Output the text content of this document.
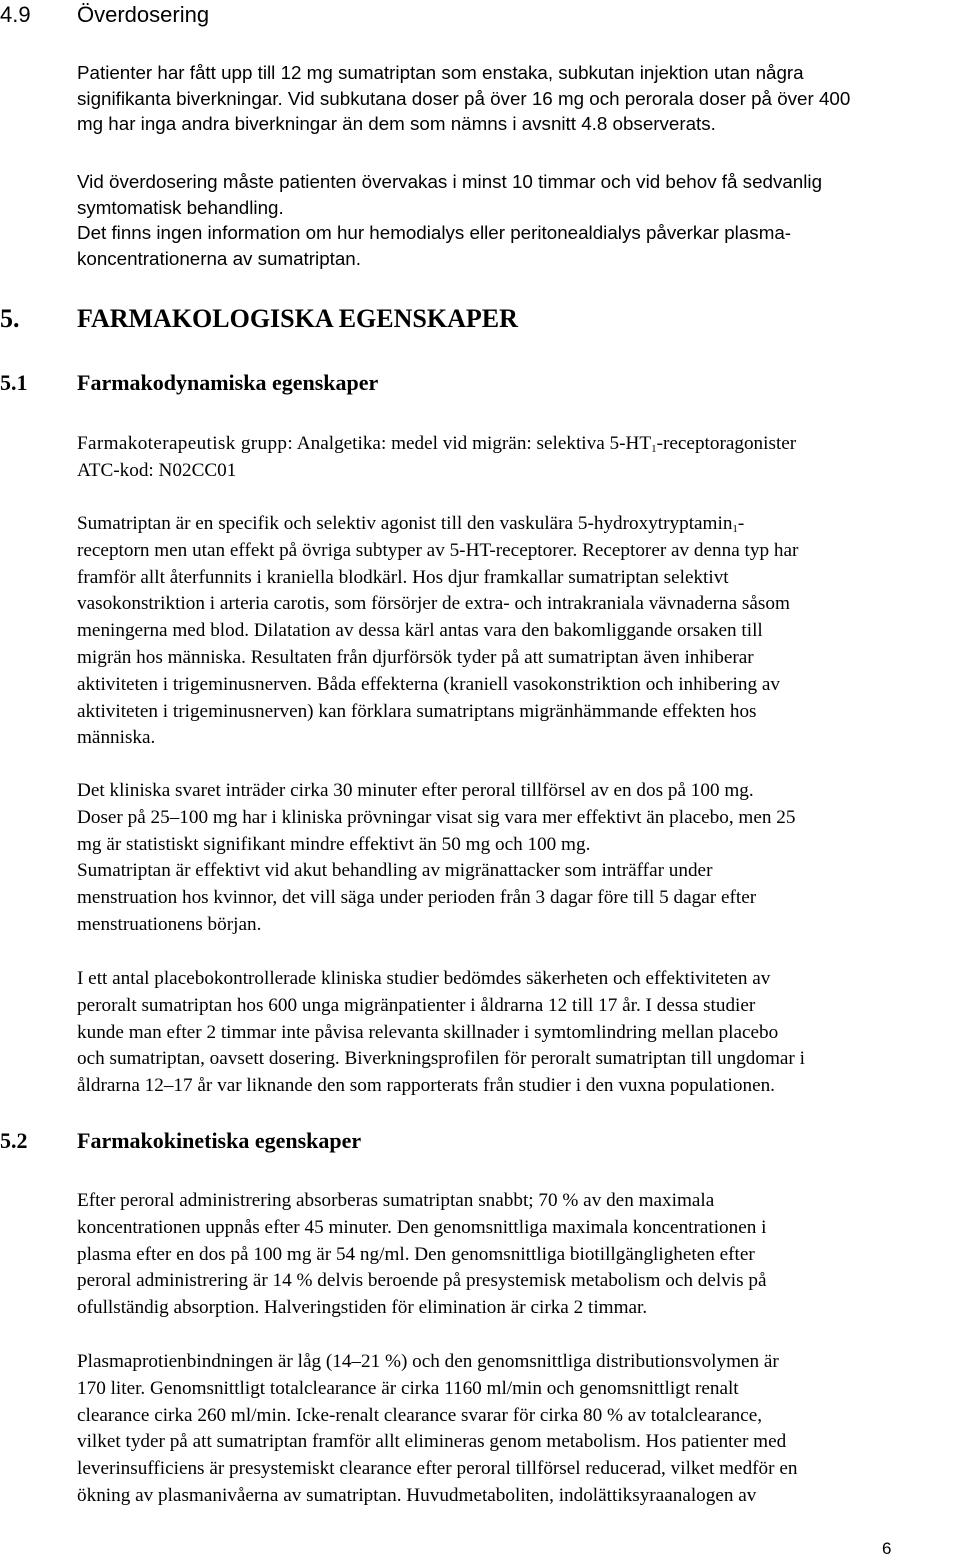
4.9 Överdosering
Patienter har fått upp till 12 mg sumatriptan som enstaka, subkutan injektion utan några
signifikanta biverkningar. Vid subkutana doser på över 16 mg och perorala doser på över 400
mg har inga andra biverkningar än dem som nämns i avsnitt 4.8 observerats.
Vid överdosering måste patienten övervakas i minst 10 timmar och vid behov få sedvanlig
symtomatisk behandling.
Det finns ingen information om hur hemodialys eller peritonealdialys påverkar plasma-
koncentrationerna av sumatriptan.
5. FARMAKOLOGISKA EGENSKAPER
5.1 Farmakodynamiska egenskaper
Farmakoterapeutisk grupp: Analgetika: medel vid migrän: selektiva $5-HT_1$-receptoragonister
ATC-kod: N02CC01
Sumatriptan är en specifik och selektiv agonist till den vaskulära 5-hydroxytryptamin$_1$-
receptorn men utan effekt på övriga subtyper av 5-HT-receptorer. Receptorer av denna typ har
framför allt återfunnits i kraniella blodkärl. Hos djur framkallar sumatriptan selektivt
vasokonstriktion i arteria carotis, som försörjer de extra- och intrakraniala vävnaderna såsom
meningerna med blod. Dilatation av dessa kärl antas vara den bakomliggande orsaken till
migrän hos människa. Resultaten från djurförsök tyder på att sumatriptan även inhiberar
aktiviteten i trigeminusnerven. Båda effekterna (kraniell vasokonstriktion och inhibering av
aktiviteten i trigeminusnerven) kan förklara sumatriptans migränhämmande effekten hos
människa.
Det kliniska svaret inträder cirka 30 minuter efter peroral tillförsel av en dos på 100 mg.
Doser på 25–100 mg har i kliniska prövningar visat sig vara mer effektivt än placebo, men 25
mg är statistiskt signifikant mindre effektivt än 50 mg och 100 mg.
Sumatriptan är effektivt vid akut behandling av migränattacker som inträffar under
menstruation hos kvinnor, det vill säga under perioden från 3 dagar före till 5 dagar efter
menstruationens början.
I ett antal placebokontrollerade kliniska studier bedömdes säkerheten och effektiviteten av
peroralt sumatriptan hos 600 unga migränpatienter i åldrarna 12 till 17 år. I dessa studier
kunde man efter 2 timmar inte påvisa relevanta skillnader i symtomlindring mellan placebo
och sumatriptan, oavsett dosering. Biverkningsprofilen för peroralt sumatriptan till ungdomar i
åldrarna 12–17 år var liknande den som rapporterats från studier i den vuxna populationen.
5.2 Farmakokinetiska egenskaper
Efter peroral administrering absorberas sumatriptan snabbt; 70 % av den maximala
koncentrationen uppnås efter 45 minuter. Den genomsnittliga maximala koncentrationen i
plasma efter en dos på 100 mg är 54 ng/ml. Den genomsnittliga biotillgängligheten efter
peroral administrering är 14 % delvis beroende på presystemisk metabolism och delvis på
ofullständig absorption. Halveringstiden för elimination är cirka 2 timmar.
Plasmaprotienbindningen är låg (14–21 %) och den genomsnittliga distributionsvolymen är
170 liter. Genomsnittligt totalclearance är cirka 1160 ml/min och genomsnittligt renalt
clearance cirka 260 ml/min. Icke-renalt clearance svarar för cirka 80 % av totalclearance,
vilket tyder på att sumatriptan framför allt elimineras genom metabolism. Hos patienter med
leverinsufficiens är presystemiskt clearance efter peroral tillförsel reducerad, vilket medför en
ökning av plasmanivåerna av sumatriptan. Huvudmetaboliten, indolättiksyraanalogen av
6
